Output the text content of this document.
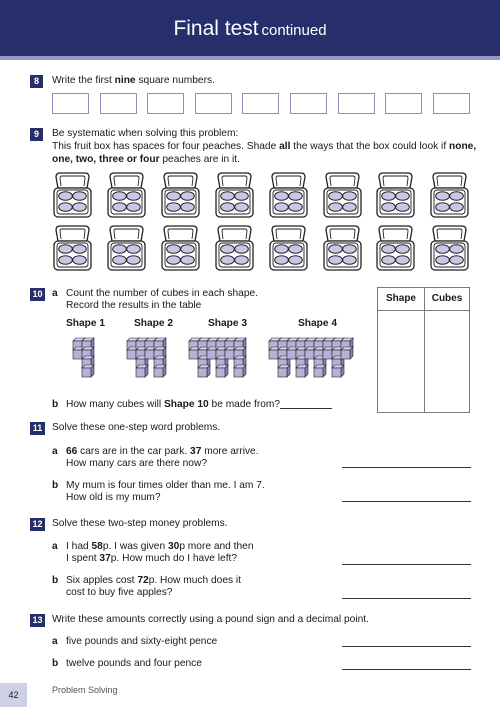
Final test continued
8	Write the first nine square numbers.
9	Be systematic when solving this problem:
This fruit box has spaces for four peaches. Shade all the ways that the box could look if none,
one, two, three or four peaches are in it.
10 a Count the number of cubes in each shape.
Record the results in the table
Shape 1	Shape 2	Shape 3	Shape 4
Shape	Cubes
b How many cubes will Shape 10 be made from?
11 Solve these one-step word problems.
a 66 cars are in the car park. 37 more arrive.
How many cars are there now?
b My mum is four times older than me. I am 7.
How old is my mum?
12 Solve these two-step money problems.
a I had 58p. I was given 30p more and then
I spent 37p. How much do I have left?
b Six apples cost 72p. How much does it
cost to buy five apples?
13 Write these amounts correctly using a pound sign and a decimal point.
a five pounds and sixty-eight pence
b twelve pounds and four pence
42	Problem Solving
